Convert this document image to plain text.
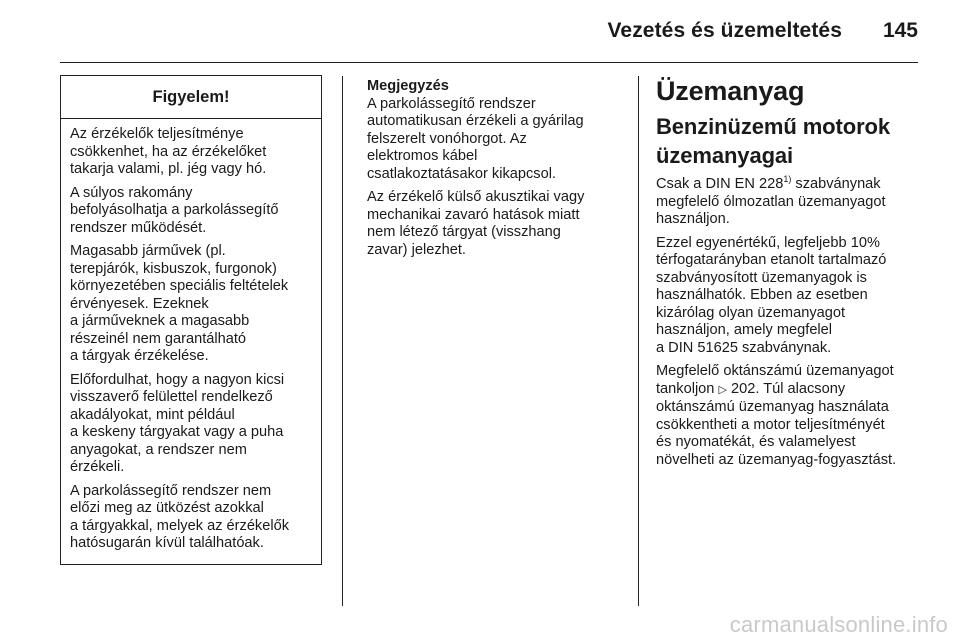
Vezetés és üzemeltetés 145
Figyelem!

Az érzékelők teljesítménye
csökkenhet, ha az érzékelőket
takarja valami, pl. jég vagy hó.

A súlyos rakomány
befolyásolhatja a parkolássegítő
rendszer működését.

Magasabb járművek (pl.
terepjárók, kisbuszok, furgonok)
környezetében speciális feltételek
érvényesek. Ezeknek
a járműveknek a magasabb
részeinél nem garantálható
a tárgyak érzékelése.

Előfordulhat, hogy a nagyon kicsi
visszaverő felülettel rendelkező
akadályokat, mint például
a keskeny tárgyakat vagy a puha
anyagokat, a rendszer nem
érzékeli.

A parkolássegítő rendszer nem
előzi meg az ütközést azokkal
a tárgyakkal, melyek az érzékelők
hatósugarán kívül találhatóak.

Megjegyzés

A parkolássegítő rendszer
automatikusan érzékeli a gyárilag
felszerelt vonóhorgot. Az
elektromos kábel
csatlakoztatásakor kikapcsol.

Az érzékelő külső akusztikai vagy
mechanikai zavaró hatások miatt
nem létező tárgyat (visszhang
zavar) jelezhet.

Üzemanyag
Benzinüzemű motorok
üzemanyagai

Csak a DIN EN 228$^{1)}$ szabványnak
megfelelő ólmozatlan üzemanyagot
használjon.

Ezzel egyenértékű, legfeljebb 10%
térfogatarányban etanolt tartalmazó
szabványosított üzemanyagok is
használhatók. Ebben az esetben
kizárólag olyan üzemanyagot
használjon, amely megfelel
a DIN 51625 szabványnak.

Megfelelő oktánszámú üzemanyagot
tankoljon ▷ 202. Túl alacsony
oktánszámú üzemanyag használata
csökkentheti a motor teljesítményét
és nyomatékát, és valamelyest
növelheti az üzemanyag-fogyasztást.

carmanualsonline.info
